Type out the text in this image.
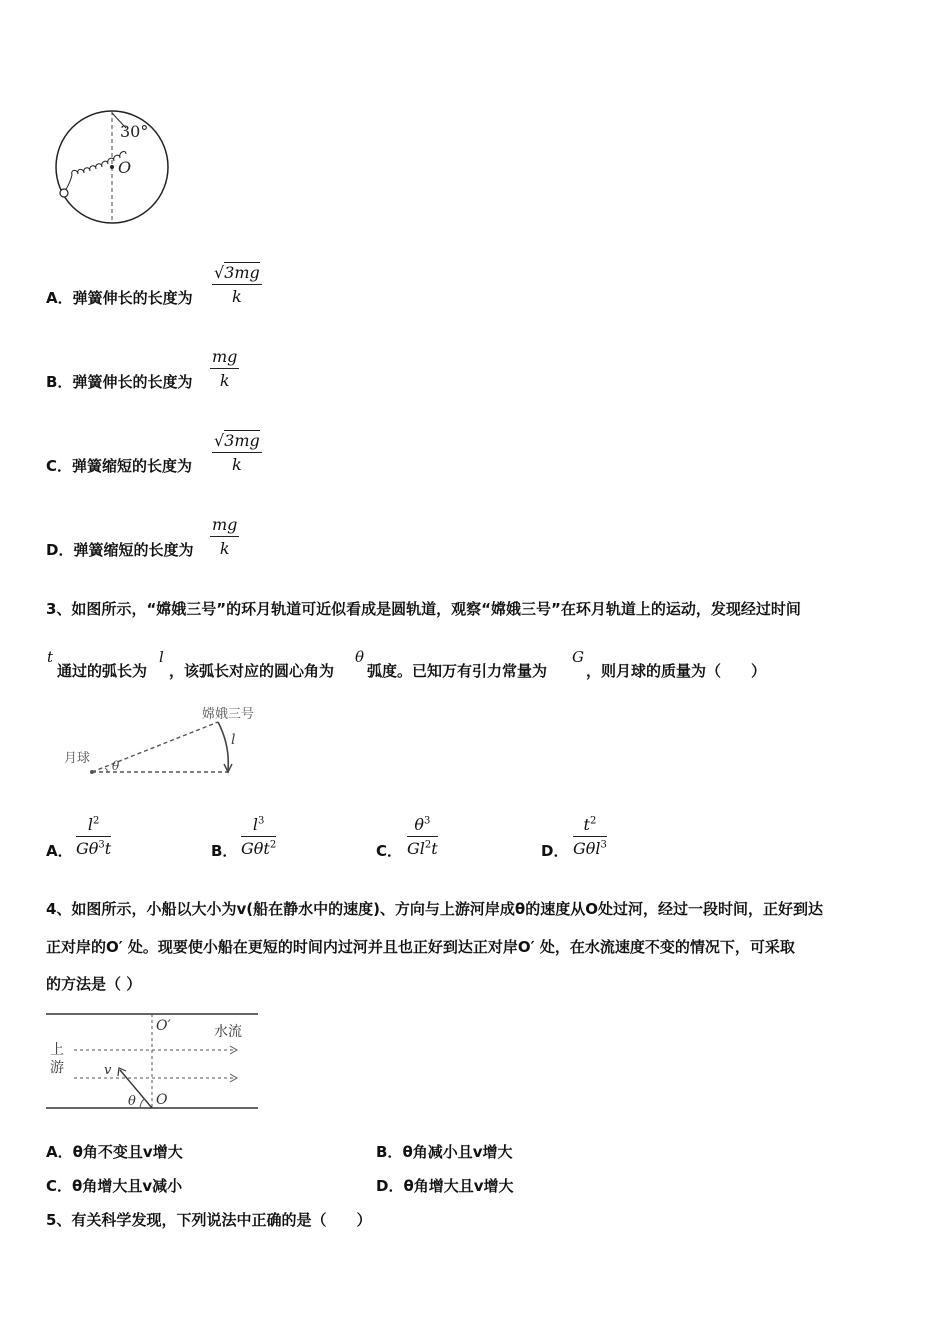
30°
O
A．弹簧伸长的长度为 $\frac{√3mg}{k}$
B．弹簧伸长的长度为 $\frac{mg}{k}$
C．弹簧缩短的长度为 $\frac{√3mg}{k}$
D．弹簧缩短的长度为 $\frac{mg}{k}$
3、如图所示，“嫦娥三号”的环月轨道可近似看成是圆轨道，观察“嫦娥三号”在环月轨道上的运动，发现经过时间
t
通过的弧长为
l
，该弧长对应的圆心角为
θ
弧度。已知万有引力常量为
G
，则月球的质量为（　　）
嫦娥三号
月球
l
θ
A． $\frac{l^2}{G\theta^3t}$	B．
$l^3$
Gθt$^2$	C． $\frac{\theta^3}{Gl^2t}$	D．
$t^2$
Gθl$^3$
4、如图所示，小船以大小为v(船在静水中的速度)、方向与上游河岸成θ的速度从O处过河，经过一段时间，正好到达
正对岸的O′ 处。现要使小船在更短的时间内过河并且也正好到达正对岸O′ 处，在水流速度不变的情况下，可采取
的方法是（ ）
O′	水流
上
游	v
θ O
A．θ角不变且v增大	B．θ角减小且v增大
C．θ角增大且v减小	D．θ角增大且v增大
5、有关科学发现，下列说法中正确的是（　　）
